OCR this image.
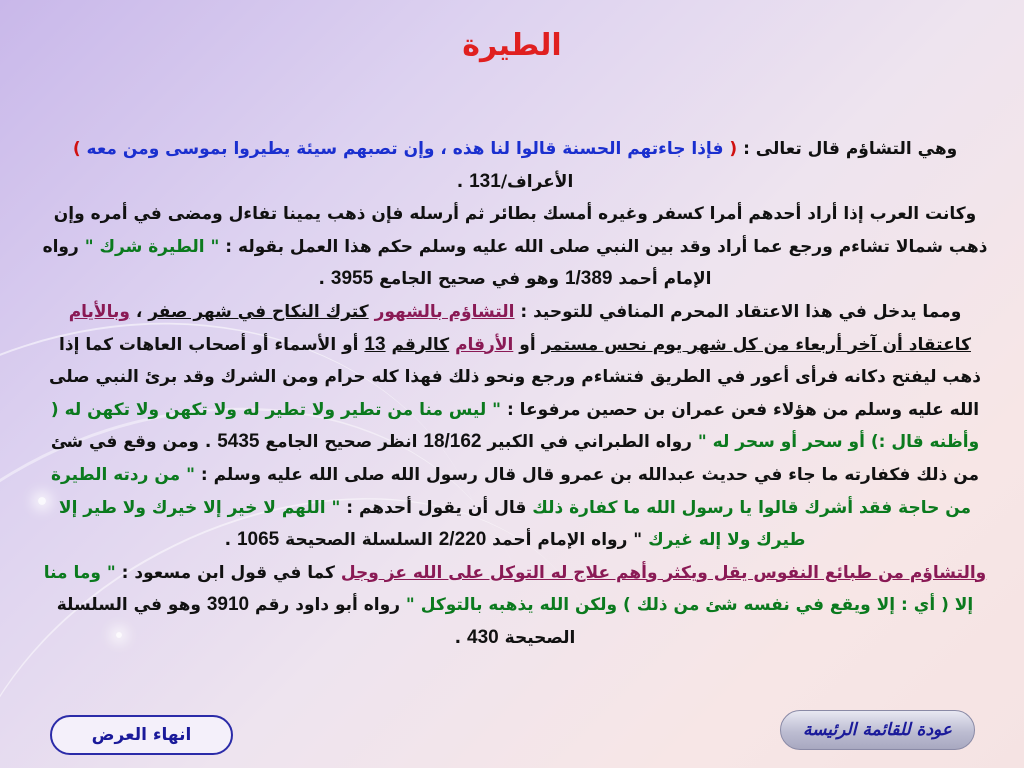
الطيرة

وهي التشاؤم قال تعالى : ( فإذا جاءتهم الحسنة قالوا لنا هذه ، وإن تصبهم سيئة يطيروا بموسى ومن معه ) الأعراف/131 .

وكانت العرب إذا أراد أحدهم أمرا كسفر وغيره أمسك بطائر ثم أرسله فإن ذهب يمينا تفاءل ومضى في أمره وإن ذهب شمالا تشاءم ورجع عما أراد وقد بين النبي صلى الله عليه وسلم حكم هذا العمل بقوله : " الطيرة شرك " رواه الإمام أحمد 1/389 وهو في صحيح الجامع 3955 .

ومما يدخل في هذا الاعتقاد المحرم المنافي للتوحيد : التشاؤم بالشهور كترك النكاح في شهر صفر ، وبالأيام كاعتقاد أن آخر أربعاء من كل شهر يوم نحس مستمر أو الأرقام كالرقم 13 أو الأسماء أو أصحاب العاهات كما إذا ذهب ليفتح دكانه فرأى أعور في الطريق فتشاءم ورجع ونحو ذلك فهذا كله حرام ومن الشرك وقد برئ النبي صلى الله عليه وسلم من هؤلاء فعن عمران بن حصين مرفوعا : " ليس منا من تطير ولا تطير له ولا تكهن ولا تكهن له ( وأظنه قال :) أو سحر أو سحر له " رواه الطبراني في الكبير 18/162 انظر صحيح الجامع 5435 . ومن وقع في شئ من ذلك فكفارته ما جاء في حديث عبدالله بن عمرو قال قال رسول الله صلى الله عليه وسلم : " من ردته الطيرة من حاجة فقد أشرك قالوا يا رسول الله ما كفارة ذلك قال أن يقول أحدهم : " اللهم لا خير إلا خيرك ولا طير إلا طيرك ولا إله غيرك " رواه الإمام أحمد 2/220 السلسلة الصحيحة 1065 .

والتشاؤم من طبائع النفوس يقل ويكثر وأهم علاج له التوكل على الله عز وجل كما في قول ابن مسعود : " وما منا إلا ( أي : إلا ويقع في نفسه شئ من ذلك ) ولكن الله يذهبه بالتوكل " رواه أبو داود رقم 3910 وهو في السلسلة الصحيحة 430 .

انهاء العرض	عودة للقائمة الرئيسة
